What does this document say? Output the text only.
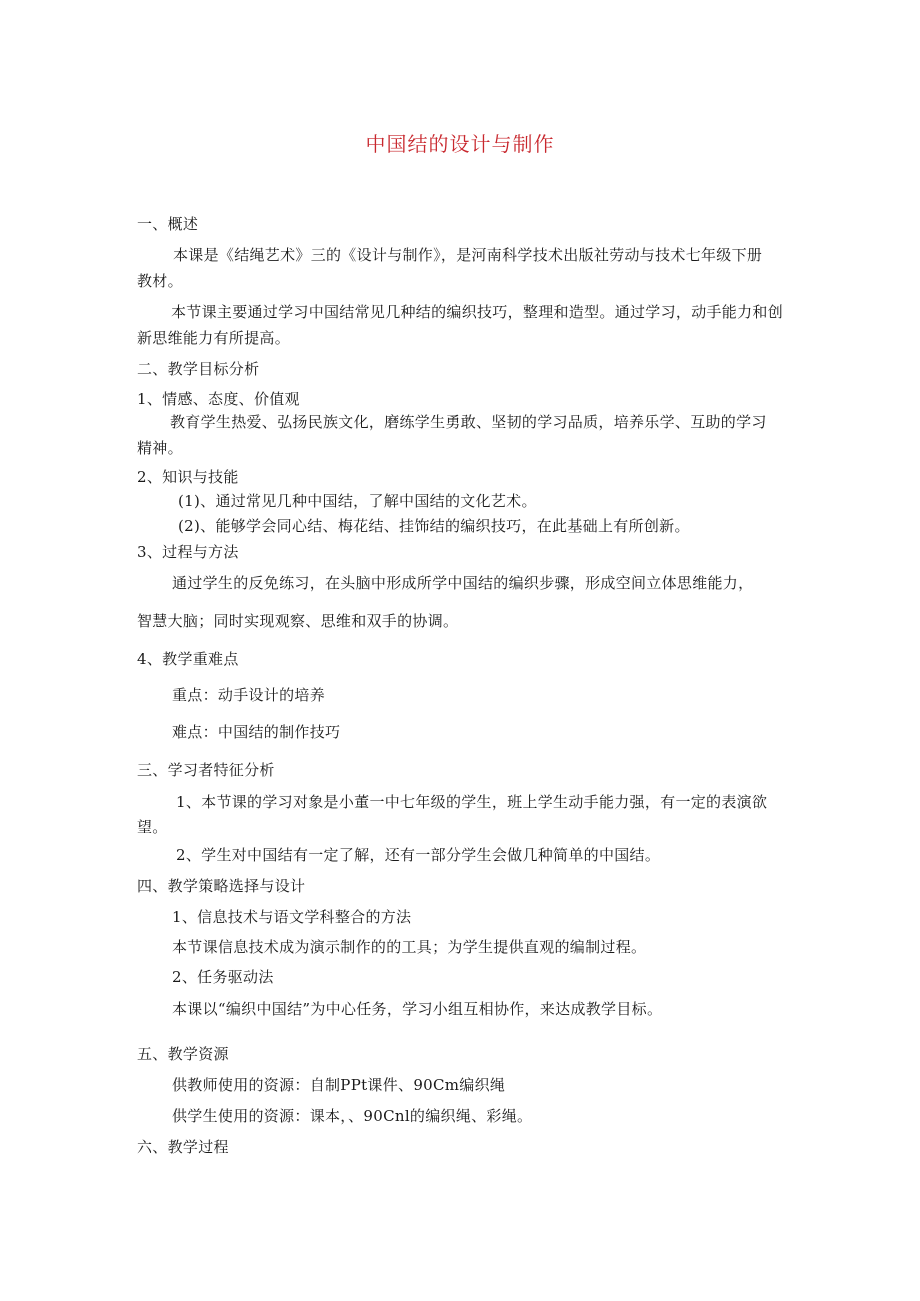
中国结的设计与制作
一、概述
本课是《结绳艺术》三的《设计与制作》，是河南科学技术出版社劳动与技术七年级下册
教材。
本节课主要通过学习中国结常见几种结的编织技巧，整理和造型。通过学习，动手能力和创
新思维能力有所提高。
二、教学目标分析
1、情感、态度、价值观
教育学生热爱、弘扬民族文化，磨练学生勇敢、坚韧的学习品质，培养乐学、互助的学习
精神。
2、知识与技能
(1)、通过常见几种中国结，了解中国结的文化艺术。
(2)、能够学会同心结、梅花结、挂饰结的编织技巧，在此基础上有所创新。
3、过程与方法
通过学生的反免练习，在头脑中形成所学中国结的编织步骤，形成空间立体思维能力，
智慧大脑；同时实现观察、思维和双手的协调。
4、教学重难点
重点：动手设计的培养
难点：中国结的制作技巧
三、学习者特征分析
1、本节课的学习对象是小董一中七年级的学生，班上学生动手能力强，有一定的表演欲
望。
2、学生对中国结有一定了解，还有一部分学生会做几种简单的中国结。
四、教学策略选择与设计
1、信息技术与语文学科整合的方法
本节课信息技术成为演示制作的的工具；为学生提供直观的编制过程。
2、任务驱动法
本课以“编织中国结”为中心任务，学习小组互相协作，来达成教学目标。
五、教学资源
供教师使用的资源：自制PPt课件、90Cm编织绳
供学生使用的资源：课本，、90Cnl的编织绳、彩绳。
六、教学过程
